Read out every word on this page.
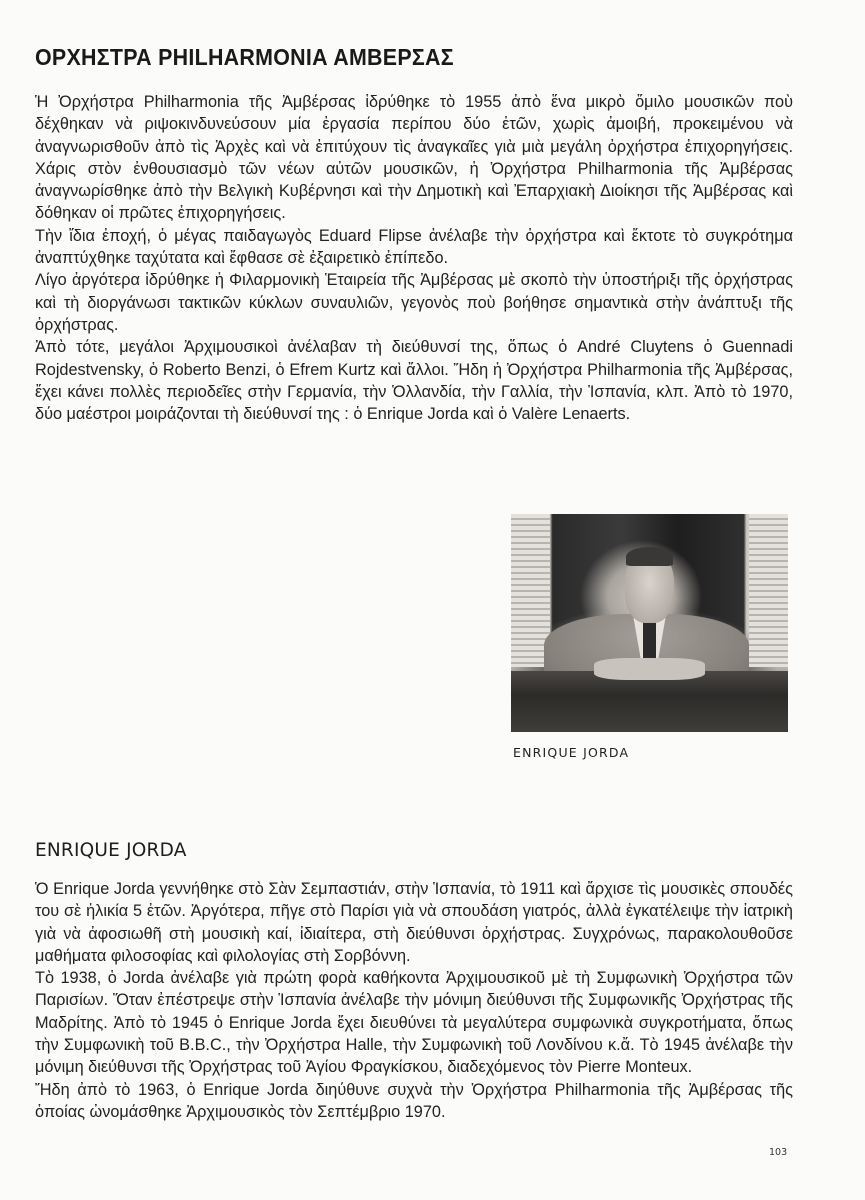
ΟΡΧΗΣΤΡΑ PHILHARMONIA ΑΜΒΕΡΣΑΣ

Ἡ Ὀρχήστρα Philharmonia τῆς Ἀμβέρσας ἱδρύθηκε τὸ 1955 ἀπὸ ἕνα μικρὸ ὅμιλο μουσικῶν ποὺ δέχθηκαν νὰ ριψοκινδυνεύσουν μία ἐργασία περίπου δύο ἐτῶν, χωρὶς ἀμοιβή, προκειμένου νὰ ἀναγνωρισθοῦν ἀπὸ τὶς Ἀρχὲς καὶ νὰ ἐπιτύχουν τὶς ἀναγκαῖες γιὰ μιὰ μεγάλη ὀρχήστρα ἐπιχορηγήσεις. Χάρις στὸν ἐνθουσιασμὸ τῶν νέων αὐτῶν μουσικῶν, ἡ Ὀρχήστρα Philharmonia τῆς Ἀμβέρσας ἀναγνωρίσθηκε ἀπὸ τὴν Βελγικὴ Κυβέρνησι καὶ τὴν Δημοτικὴ καὶ Ἐπαρχιακὴ Διοίκησι τῆς Ἀμβέρσας καὶ δόθηκαν οἱ πρῶτες ἐπιχορηγήσεις.

Τὴν ἴδια ἐποχή, ὁ μέγας παιδαγωγὸς Eduard Flipse ἀνέλαβε τὴν ὀρχήστρα καὶ ἔκτοτε τὸ συγκρότημα ἀναπτύχθηκε ταχύτατα καὶ ἔφθασε σὲ ἐξαιρετικὸ ἐπίπεδο.

Λίγο ἀργότερα ἱδρύθηκε ἡ Φιλαρμονικὴ Ἑταιρεία τῆς Ἀμβέρσας μὲ σκοπὸ τὴν ὑποστήριξι τῆς ὀρχήστρας καὶ τὴ διοργάνωσι τακτικῶν κύκλων συναυλιῶν, γεγονὸς ποὺ βοήθησε σημαντικὰ στὴν ἀνάπτυξι τῆς ὀρχήστρας.

Ἀπὸ τότε, μεγάλοι Ἀρχιμουσικοὶ ἀνέλαβαν τὴ διεύθυνσί της, ὅπως ὁ André Cluytens ὁ Guennadi Rojdestvensky, ὁ Roberto Benzi, ὁ Efrem Kurtz καὶ ἄλλοι. Ἤδη ἡ Ὀρχήστρα Philharmonia τῆς Ἀμβέρσας, ἔχει κάνει πολλὲς περιοδεῖες στὴν Γερμανία, τὴν Ὁλλανδία, τὴν Γαλλία, τὴν Ἱσπανία, κλπ. Ἀπὸ τὸ 1970, δύο μαέστροι μοιράζονται τὴ διεύθυνσί της : ὁ Enrique Jorda καὶ ὁ Valère Lenaerts.

ENRIQUE JORDA
ENRIQUE JORDA

Ὁ Enrique Jorda γεννήθηκε στὸ Σὰν Σεμπαστιάν, στὴν Ἱσπανία, τὸ 1911 καὶ ἄρχισε τὶς μουσικὲς σπουδές του σὲ ἡλικία 5 ἐτῶν. Ἀργότερα, πῆγε στὸ Παρίσι γιὰ νὰ σπουδάση γιατρός, ἀλλὰ ἐγκατέλειψε τὴν ἰατρικὴ γιὰ νὰ ἀφοσιωθῆ στὴ μουσικὴ καί, ἰδιαίτερα, στὴ διεύθυνσι ὀρχήστρας. Συγχρόνως, παρακολουθοῦσε μαθήματα φιλοσοφίας καὶ φιλολογίας στὴ Σορβόννη.

Τὸ 1938, ὁ Jorda ἀνέλαβε γιὰ πρώτη φορὰ καθήκοντα Ἀρχιμουσικοῦ μὲ τὴ Συμφωνικὴ Ὀρχήστρα τῶν Παρισίων. Ὅταν ἐπέστρεψε στὴν Ἱσπανία ἀνέλαβε τὴν μόνιμη διεύθυνσι τῆς Συμφωνικῆς Ὀρχήστρας τῆς Μαδρίτης. Ἀπὸ τὸ 1945 ὁ Enrique Jorda ἔχει διευθύνει τὰ μεγαλύτερα συμφωνικὰ συγκροτήματα, ὅπως τὴν Συμφωνικὴ τοῦ B.B.C., τὴν Ὀρχήστρα Halle, τὴν Συμφωνικὴ τοῦ Λονδίνου κ.ἄ. Τὸ 1945 ἀνέλαβε τὴν μόνιμη διεύθυνσι τῆς Ὀρχήστρας τοῦ Ἁγίου Φραγκίσκου, διαδεχόμενος τὸν Pierre Monteux.

Ἤδη ἀπὸ τὸ 1963, ὁ Enrique Jorda διηύθυνε συχνὰ τὴν Ὀρχήστρα Philharmonia τῆς Ἀμβέρσας τῆς ὁποίας ὠνομάσθηκε Ἀρχιμουσικὸς τὸν Σεπτέμβριο 1970.

103
